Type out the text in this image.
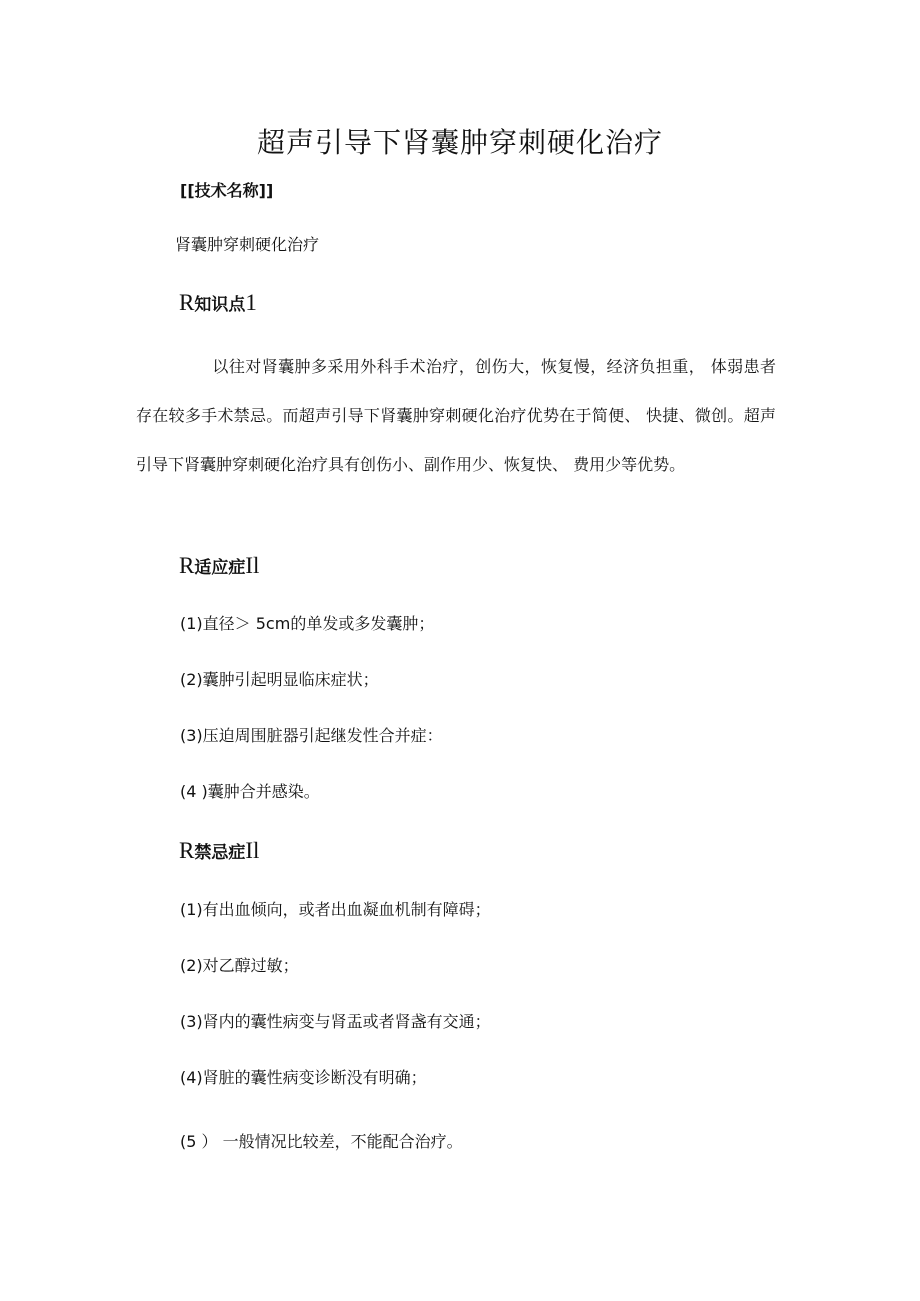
超声引导下肾囊肿穿刺硬化治疗
[[技术名称]]
肾囊肿穿刺硬化治疗
R知识点1
以往对肾囊肿多采用外科手术治疗，创伤大，恢复慢，经济负担重， 体弱患者存在较多手术禁忌。而超声引导下肾囊肿穿刺硬化治疗优势在于简便、 快捷、微创。超声引导下肾囊肿穿刺硬化治疗具有创伤小、副作用少、恢复快、 费用少等优势。
R适应症Il
(1)直径＞ 5cm的单发或多发囊肿；
(2)囊肿引起明显临床症状；
(3)压迫周围脏器引起继发性合并症：
(4 )囊肿合并感染。
R禁忌症Il
(1)有出血倾向，或者出血凝血机制有障碍；
(2)对乙醇过敏；
(3)肾内的囊性病变与肾盂或者肾盏有交通；
(4)肾脏的囊性病变诊断没有明确；
(5 ） 一般情况比较差，不能配合治疗。
